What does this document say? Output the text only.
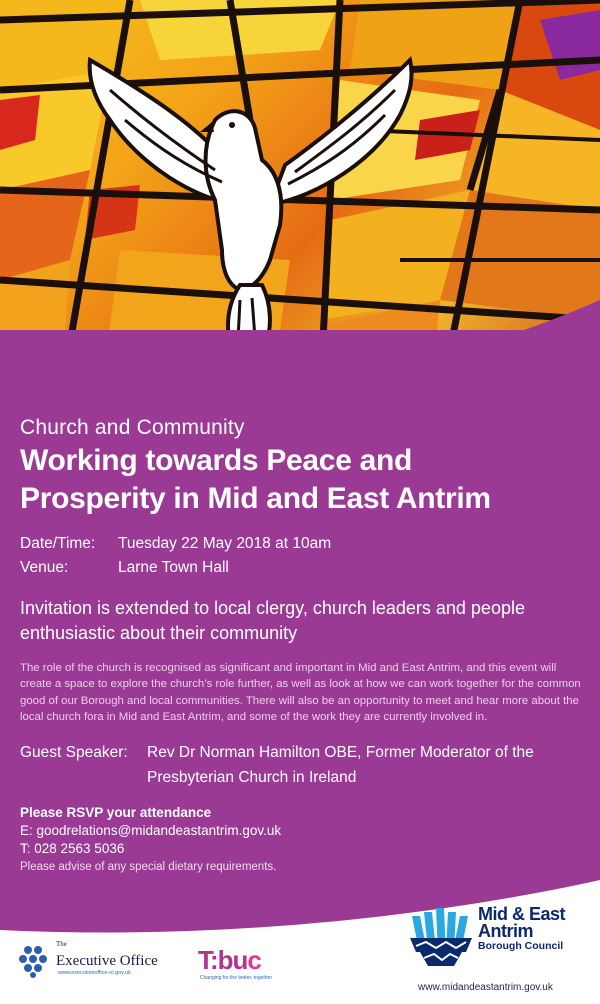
Church and Community

Working towards Peace and
Prosperity in Mid and East Antrim
Date/Time:	Tuesday 22 May 2018 at 10am
Venue:	Larne Town Hall
Invitation is extended to local clergy, church leaders and people enthusiastic about their community
The role of the church is recognised as significant and important in Mid and East Antrim, and this event will create a space to explore the church’s role further, as well as look at how we can work together for the common good of our Borough and local communities. There will also be an opportunity to meet and hear more about the local church fora in Mid and East Antrim, and some of the work they are currently involved in.
Guest Speaker:	Rev Dr Norman Hamilton OBE, Former Moderator of the Presbyterian Church in Ireland
Please RSVP your attendance
E: goodrelations@midandeastantrim.gov.uk
T: 028 2563 5036
Please advise of any special dietary requirements.
The
Executive Office
www.executiveoffice-ni.gov.uk	T:buc
Changing for the better, together
Mid & East
Antrim
Borough Council
www.midandeastantrim.gov.uk
